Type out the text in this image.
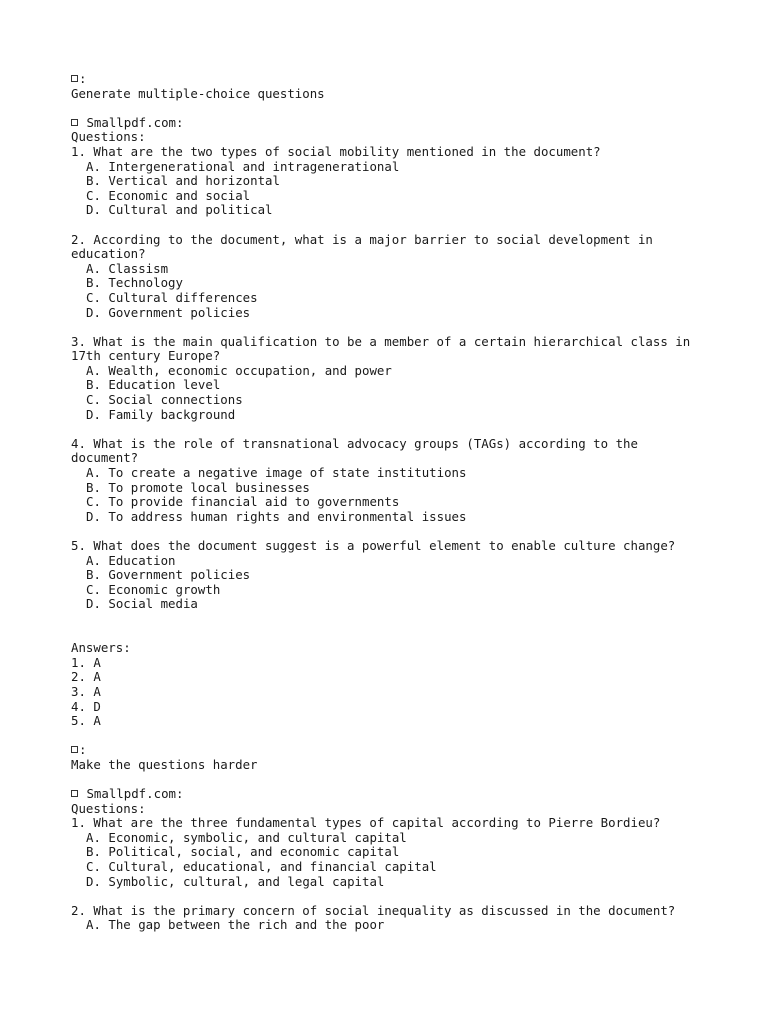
:
Generate multiple-choice questions
Smallpdf.com:
Questions:
1. What are the two types of social mobility mentioned in the document?
A. Intergenerational and intragenerational
B. Vertical and horizontal
C. Economic and social
D. Cultural and political
2. According to the document, what is a major barrier to social development in
education?
A. Classism
B. Technology
C. Cultural differences
D. Government policies
3. What is the main qualification to be a member of a certain hierarchical class in
17th century Europe?
A. Wealth, economic occupation, and power
B. Education level
C. Social connections
D. Family background
4. What is the role of transnational advocacy groups (TAGs) according to the
document?
A. To create a negative image of state institutions
B. To promote local businesses
C. To provide financial aid to governments
D. To address human rights and environmental issues
5. What does the document suggest is a powerful element to enable culture change?
A. Education
B. Government policies
C. Economic growth
D. Social media
Answers:
1. A
2. A
3. A
4. D
5. A
:
Make the questions harder
Smallpdf.com:
Questions:
1. What are the three fundamental types of capital according to Pierre Bordieu?
A. Economic, symbolic, and cultural capital
B. Political, social, and economic capital
C. Cultural, educational, and financial capital
D. Symbolic, cultural, and legal capital
2. What is the primary concern of social inequality as discussed in the document?
A. The gap between the rich and the poor
